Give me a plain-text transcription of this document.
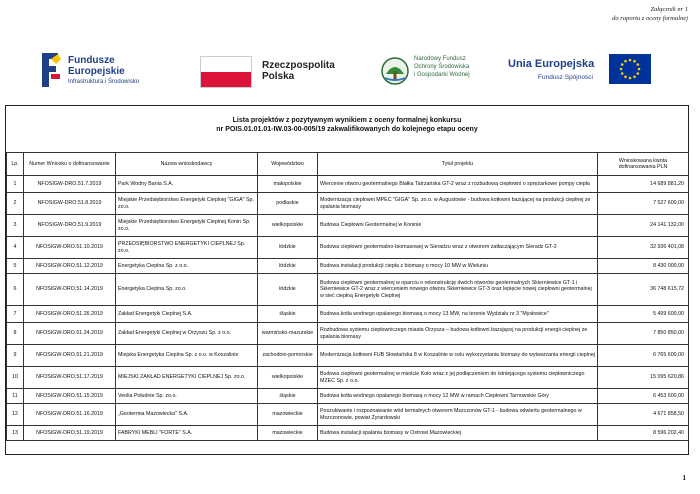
Załącznik nr 1
do raportu z oceny formalnej
Fundusze
Europejskie
Infrastruktura i Środowisko
Rzeczpospolita
Polska
Narodowy Fundusz
Ochrony Środowiska
i Gospodarki Wodnej
Unia Europejska
Fundusz Spójności
Lista projektów z pozytywnym wynikiem z oceny formalnej konkursu
nr POIS.01.01.01-IW.03-00-005/19 zakwalifikowanych do kolejnego etapu oceny
Lp.	Numer Wniosku o dofinansowanie	Nazwa wnioskodawcy	Województwo	Tytuł projektu	Wnioskowana kwota dofinansowania PLN
1	NFOSIGW-DRO.51.7.2019	Park Wodny Bania S.A.	małopolskie	Wiercenie otworu geotermalnego Białka Tatrzańska GT-2 wraz z rozbudową ciepłowni o sprężarkowe pompy ciepła	14 689 881,20
2	NFOSIGW-DRO.51.8.2019	Miejskie Przedsiębiorstwo Energetyki Cieplnej "GIGA" Sp. zo.o.	podlaskie	Modernizacja ciepłowni MPEC "GIGA" Sp. zo.o. w Augustowie - budowa kotłowni bazującej na produkcji ciepłnej ze spalania biomasy	7 527 600,00
3	NFOSIGW-DRO.51.9.2019	Miejskie Przedsiębiorstwo Energetyki Cieplnej Konin Sp. zo.o.	wielkopolskie	Budowa Ciepłowni Geotermalnej w Koninie	24 141 132,00
4	NFOSIGW-DRO.51.10.2019	PRZEDSIĘBIORSTWO ENERGETYKI CIEPLNEJ Sp. zo.o.	łódzkie	Budowa ciepłowni geotermalno-biomasowej w Sieradzu wraz z otworem zatłaczającym Sieradz GT-2	32 936 401,08
5	NFOSIGW-DRO.51.12.2019	Energetyka Cieplna Sp. z o.o.	łódzkie	Budowa instalacji produkcji ciepła z biomasy o mocy 10 MW w Wieluniu	8 430 000,00
6	NFOSIGW-DRO.51.14.2019	Energetyka Cieplna Sp. zo.o.	łódzkie	Budowa ciepłowni geotermalnej w oparciu o rekonstrukcję dwóch otworów geotermalnych Skierniewice GT-1 i Skierniewice GT-2 wraz z wierceniem nowego otworu Skierniewice GT-3 oraz lepięcie nowej ciepłowni geotermalnej w sieć ciepłną Energetyki Cieplnej	36 748 615,72
7	NFOSIGW-DRO.51.26.2019	Zakład Energetyki Cieplnej S.A.	śląskie	Budowa kotła wodnego opalanego biomasą o mocy 13 MW, na terenie Wydziału nr 3 "Mysłowice"	5 499 600,00
8	NFOSIGW-DRO.51.24.2019	Zakład Energetyki Cieplnej w Orzyszu Sp. z o.o.	warmińsko-mazurskie	Rozbudowa systemu ciepłowniczego miasta Orzysza – budowa kotłowni bazującej na produkcji energii cieplnej ze spalania biomasy	7 850 850,00
9	NFOSIGW-DRO.51.21.2019	Miejska Energetyka Cieplna Sp. z o.o. w Koszalinie	zachodnio-pomorskie	Modernizacja kotłowni FUB Słowiańska 8 w Koszalinie w celu wykorzystania biomasy do wytwarzania energii cieplnej	6 765 600,00
10	NFOSIGW-DRO.51.17.2019	MIEJSKI ZAKŁAD ENERGETYKI CIEPLNEJ Sp. zo.o.	wielkopolskie	Budowa ciepłowni geotermalnej w mieście Koło wraz z jej podłączeniem do istniejącego systemu ciepłowniczego MZEC Sp. z o.o.	15 095 620,86
11	NFOSIGW-DRO.51.15.2019	Veolia Południe Sp. zo.o.	śląskie	Budowa kotła wodnego opalanego biomasą o mocy 12 MW w ramach Ciepłowni Tarnowskie Góry	6 453 600,00
12	NFOSIGW-DRO.51.16.2019	„Geotermia Mazowiecka" S.A.	mazowieckie	Poszukiwanie i rozpoznawanie wód termalnych otworem Mszczonów GT-1 - budowa odwiertu geotermalnego w Mszczonowie, powiat Żyrardowski	4 671 858,50
13	NFOSIGW-DRO.51.19.2019	FABRYKI MEBLI "FORTE" S.A.	mazowieckie	Budowa instalacji spalania biomasy w Ostrowi Mazowieckiej	8 596 202,40
1
